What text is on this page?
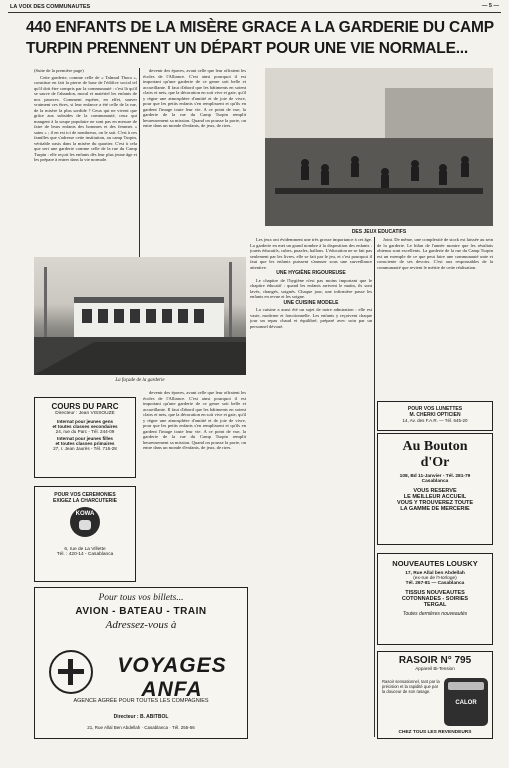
LA VOIX DES COMMUNAUTES	— 5 —
440 ENFANTS DE LA MISÈRE GRACE A LA GARDERIE DU CAMP
TURPIN PRENNENT UN DÉPART POUR UNE VIE NORMALE...

(Suite de la première page)

Cette garderie, comme celle de « Talmud Thora », constitue en fait la pierre de base de l'édifice social tel qu'il doit être compris par la communauté : c'est là qu'il se sauve de l'abandon, moral et matériel les enfants de nos pauvres. Comment espérer, en effet, sauver vraiment ces êtres, si leur enfance a été celle de la rue, de la misère la plus sordide ? Ceux qui ne vivent que grâce aux subsides de la communauté, ceux qui mangent à la soupe populaire ne sont pas en mesure de faire de leurs enfants des hommes et des femmes « sains » ; il en est ici de nombreux, on le sait. C'est à ces familles que s'adresse cette institution, au camp Turpin, véritable oasis dans la misère du quartier. C'est à cela que sert une garderie comme celle de la rue du Camp Turpin : elle reçoit les enfants dès leur plus jeune âge et les prépare à entrer dans la vie normale.

devenir des épaves, avant celle que leur offraient les écoles de l'Alliance. C'est ainsi pourquoi il est important qu'une garderie de ce genre soit belle et accueillante. Il faut d'abord que les bâtiments en soient clairs et nets, que la décoration en soit vive et gaie, qu'il y règne une atmosphère d'amitié et de joie de vivre, pour que les petits enfants s'en remplissent et qu'ils en gardent l'image toute leur vie. A ce point de vue, la garderie de la rue du Camp Turpin remplit heureusement sa mission. Quand on pousse la porte, on entre dans un monde d'enfants, de jeux, de rires.

La façade de la garderie
DES JEUX EDUCATIFS

Les jeux ont évidemment une très grosse importance à cet âge. La garderie en met un grand nombre à la disposition des enfants : jouets éducatifs, cubes, puzzles, ballons. L'éducation ne se fait pas seulement par les livres, elle se fait par le jeu, et c'est pourquoi il faut que les enfants puissent s'amuser sous une surveillance attentive.

UNE HYGIÈNE RIGOUREUSE

Le chapitre de l'hygiène n'est pas moins important que le chapitre éducatif : quand les enfants arrivent le matin, ils sont lavés, changés, soignés. Chaque jour, une infirmière passe les enfants en revue et les soigne.

UNE CUISINE MODELE

La cuisine a aussi été un sujet de notre admiration : elle est vaste, moderne et fonctionnelle. Les enfants y reçoivent chaque jour un repas chaud et équilibré, préparé avec soin par un personnel dévoué.

Joint. De même, une complexité de stock est laissée au sein de la garderie. Le bilan de l'année montre que les résultats obtenus sont excellents. La garderie de la rue du Camp Turpin est un exemple de ce que peut faire une communauté unie et consciente de ses devoirs. C'est aux responsables de la communauté que revient le mérite de cette réalisation.

devenir des épaves, avant celle que leur offraient les écoles de l'Alliance. C'est ainsi pourquoi il est important qu'une garderie de ce genre soit belle et accueillante. Il faut d'abord que les bâtiments en soient clairs et nets, que la décoration en soit vive et gaie, qu'il y règne une atmosphère d'amitié et de joie de vivre, pour que les petits enfants s'en remplissent et qu'ils en gardent l'image toute leur vie. A ce point de vue, la garderie de la rue du Camp Turpin remplit heureusement sa mission. Quand on pousse la porte, on entre dans un monde d'enfants, de jeux, de rires.

COURS DU PARC
Directeur : Jean VISSOUZE
Internat pour jeunes gens
et toutes classes secondaires
24, rue du Parc - Tél. 244-09
Internat pour jeunes filles
et toutes classes primaires
27, r. Jean Jaurès - Tél. 716-28
POUR VOS CEREMONIES
EXIGEZ LA CHARCUTERIE
KOWA
6, rue de La Villette
Tél. : 420-14 - Casablanca
Pour tous vos billets...
AVION - BATEAU - TRAIN
Adressez-vous à
VOYAGES ANFA
AGENCE AGRÉE POUR TOUTES LES COMPAGNIES
Directeur : B. ABITBOL
21, Rue Allal Ben Abdellah · Casablanca · Tél. 255-56
POUR VOS LUNETTES
M. CHERKI OPTICIEN
14, Av. des F.A.R. — Tél. 645-20
Au Bouton
d'Or
108, Bd 11-Janvier - Tél. 281-79
Casablanca
VOUS RESERVE
LE MEILLEUR ACCUEIL
VOUS Y TROUVEREZ TOUTE
LA GAMME DE MERCERIE
NOUVEAUTES LOUSKY
17, Rue Allal ben Abdellah
(ex-rue de l'Horloge)
Tél. 267-81 — Casablanca
TISSUS NOUVEAUTES
COTONNADES - SOIRIES
TERGAL
Toutes dernières nouveautés
RASOIR N° 795
Appareil Bi-Tension
Rasoir sensationnel, tant par la précision et la rapidité que par la douceur de son rasage.
CALOR
CHEZ TOUS LES REVENDEURS
